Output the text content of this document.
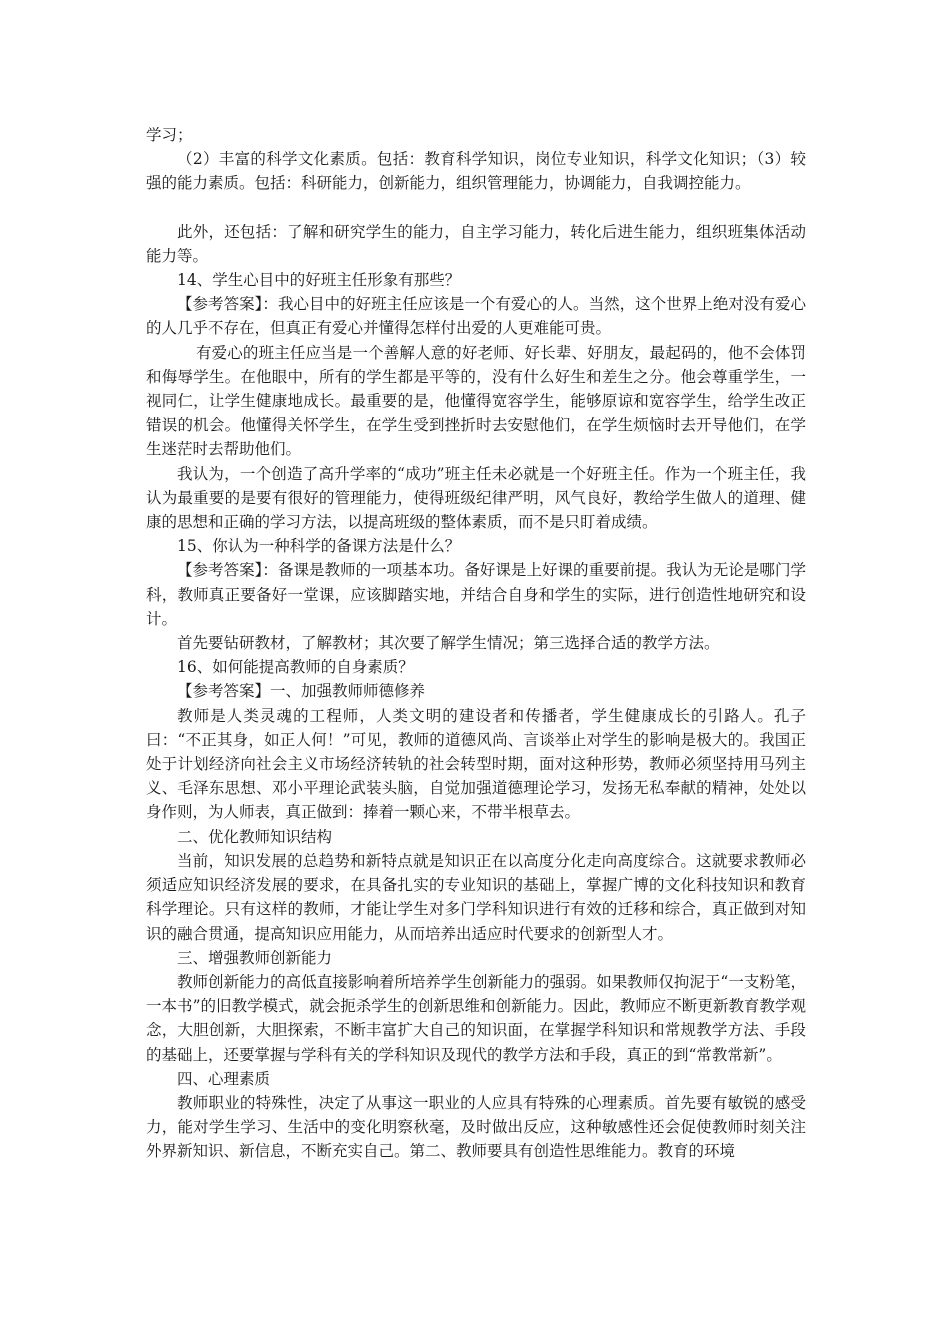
学习；

（2）丰富的科学文化素质。包括：教育科学知识，岗位专业知识，科学文化知识；（3）较强的能力素质。包括：科研能力，创新能力，组织管理能力，协调能力，自我调控能力。

此外，还包括：了解和研究学生的能力，自主学习能力，转化后进生能力，组织班集体活动能力等。

14、学生心目中的好班主任形象有那些？

【参考答案】：我心目中的好班主任应该是一个有爱心的人。当然，这个世界上绝对没有爱心的人几乎不存在，但真正有爱心并懂得怎样付出爱的人更难能可贵。

有爱心的班主任应当是一个善解人意的好老师、好长辈、好朋友，最起码的，他不会体罚和侮辱学生。在他眼中，所有的学生都是平等的，没有什么好生和差生之分。他会尊重学生，一视同仁，让学生健康地成长。最重要的是，他懂得宽容学生，能够原谅和宽容学生，给学生改正错误的机会。他懂得关怀学生，在学生受到挫折时去安慰他们，在学生烦恼时去开导他们，在学生迷茫时去帮助他们。

我认为，一个创造了高升学率的“成功”班主任未必就是一个好班主任。作为一个班主任，我认为最重要的是要有很好的管理能力，使得班级纪律严明，风气良好，教给学生做人的道理、健康的思想和正确的学习方法，以提高班级的整体素质，而不是只盯着成绩。

15、你认为一种科学的备课方法是什么？

【参考答案】：备课是教师的一项基本功。备好课是上好课的重要前提。我认为无论是哪门学科，教师真正要备好一堂课，应该脚踏实地，并结合自身和学生的实际，进行创造性地研究和设计。

首先要钻研教材，了解教材；其次要了解学生情况；第三选择合适的教学方法。

16、如何能提高教师的自身素质？

【参考答案】一、加强教师师德修养

教师是人类灵魂的工程师，人类文明的建设者和传播者，学生健康成长的引路人。孔子曰：“不正其身，如正人何！”可见，教师的道德风尚、言谈举止对学生的影响是极大的。我国正处于计划经济向社会主义市场经济转轨的社会转型时期，面对这种形势，教师必须坚持用马列主义、毛泽东思想、邓小平理论武装头脑，自觉加强道德理论学习，发扬无私奉献的精神，处处以身作则，为人师表，真正做到：捧着一颗心来，不带半根草去。

二、优化教师知识结构

当前，知识发展的总趋势和新特点就是知识正在以高度分化走向高度综合。这就要求教师必须适应知识经济发展的要求，在具备扎实的专业知识的基础上，掌握广博的文化科技知识和教育科学理论。只有这样的教师，才能让学生对多门学科知识进行有效的迁移和综合，真正做到对知识的融合贯通，提高知识应用能力，从而培养出适应时代要求的创新型人才。

三、增强教师创新能力

教师创新能力的高低直接影响着所培养学生创新能力的强弱。如果教师仅拘泥于“一支粉笔，一本书”的旧教学模式，就会扼杀学生的创新思维和创新能力。因此，教师应不断更新教育教学观念，大胆创新，大胆探索，不断丰富扩大自己的知识面，在掌握学科知识和常规教学方法、手段的基础上，还要掌握与学科有关的学科知识及现代的教学方法和手段，真正的到“常教常新”。

四、心理素质

教师职业的特殊性，决定了从事这一职业的人应具有特殊的心理素质。首先要有敏锐的感受力，能对学生学习、生活中的变化明察秋毫，及时做出反应，这种敏感性还会促使教师时刻关注外界新知识、新信息，不断充实自己。第二、教师要具有创造性思维能力。教育的环境
